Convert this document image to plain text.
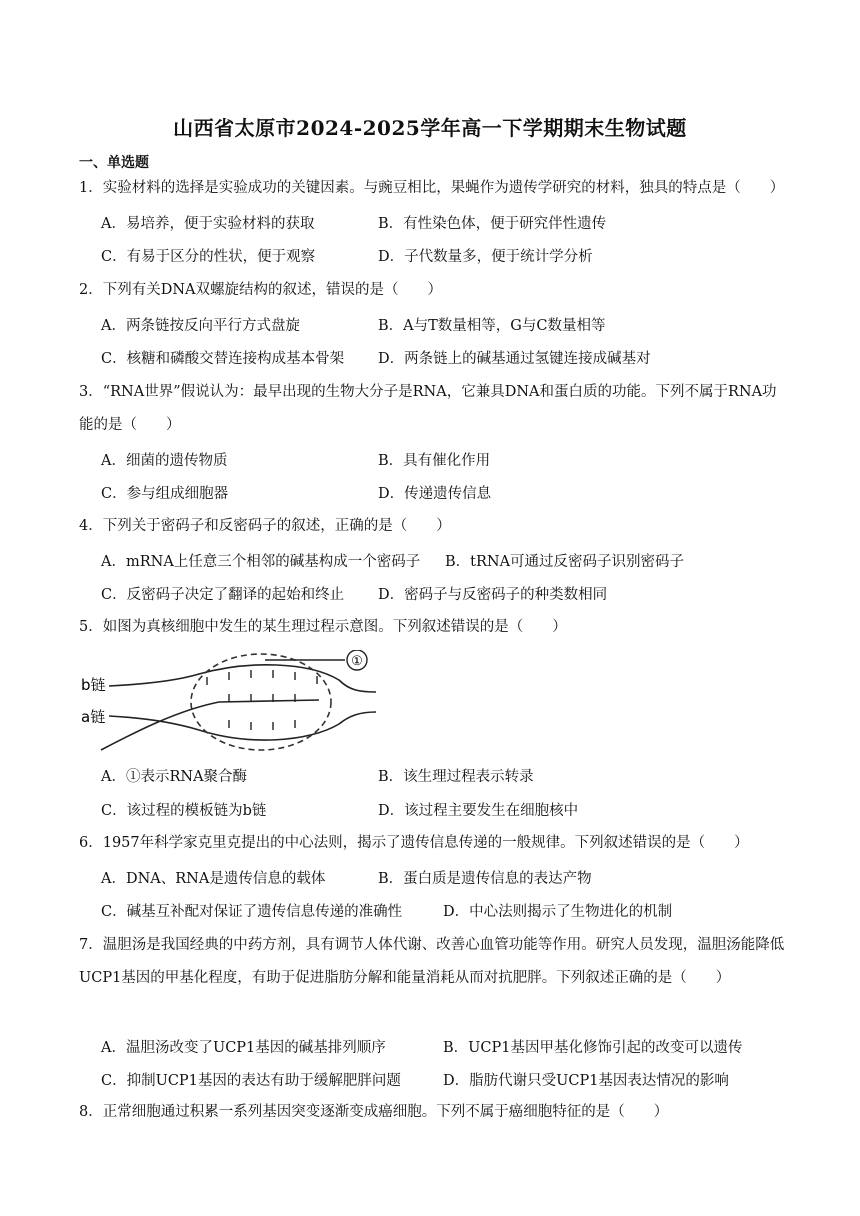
山西省太原市2024-2025学年高一下学期期末生物试题
一、单选题
1．实验材料的选择是实验成功的关键因素。与豌豆相比，果蝇作为遗传学研究的材料，独具的特点是（　　）
A．易培养，便于实验材料的获取	B．有性染色体，便于研究伴性遗传
C．有易于区分的性状，便于观察	D．子代数量多，便于统计学分析
2．下列有关DNA双螺旋结构的叙述，错误的是（　　）
A．两条链按反向平行方式盘旋	B．A与T数量相等，G与C数量相等
C．核糖和磷酸交替连接构成基本骨架 D．两条链上的碱基通过氢键连接成碱基对
3．“RNA世界”假说认为：最早出现的生物大分子是RNA，它兼具DNA和蛋白质的功能。下列不属于RNA功能的是（　　）
A．细菌的遗传物质	B．具有催化作用
C．参与组成细胞器	D．传递遗传信息
4．下列关于密码子和反密码子的叙述，正确的是（　　）
A．mRNA上任意三个相邻的碱基构成一个密码子 B．tRNA可通过反密码子识别密码子
C．反密码子决定了翻译的起始和终止 D．密码子与反密码子的种类数相同
5．如图为真核细胞中发生的某生理过程示意图。下列叙述错误的是（　　）
①
b链
a链
A．①表示RNA聚合酶	B．该生理过程表示转录
C．该过程的模板链为b链	D．该过程主要发生在细胞核中
6．1957年科学家克里克提出的中心法则，揭示了遗传信息传递的一般规律。下列叙述错误的是（　　）
A．DNA、RNA是遗传信息的载体	B．蛋白质是遗传信息的表达产物
C．碱基互补配对保证了遗传信息传递的准确性	D．中心法则揭示了生物进化的机制
7．温胆汤是我国经典的中药方剂，具有调节人体代谢、改善心血管功能等作用。研究人员发现，温胆汤能降低UCP1基因的甲基化程度，有助于促进脂肪分解和能量消耗从而对抗肥胖。下列叙述正确的是（　　）
A．温胆汤改变了UCP1基因的碱基排列顺序	B．UCP1基因甲基化修饰引起的改变可以遗传
C．抑制UCP1基因的表达有助于缓解肥胖问题	D．脂肪代谢只受UCP1基因表达情况的影响
8．正常细胞通过积累一系列基因突变逐渐变成癌细胞。下列不属于癌细胞特征的是（　　）
